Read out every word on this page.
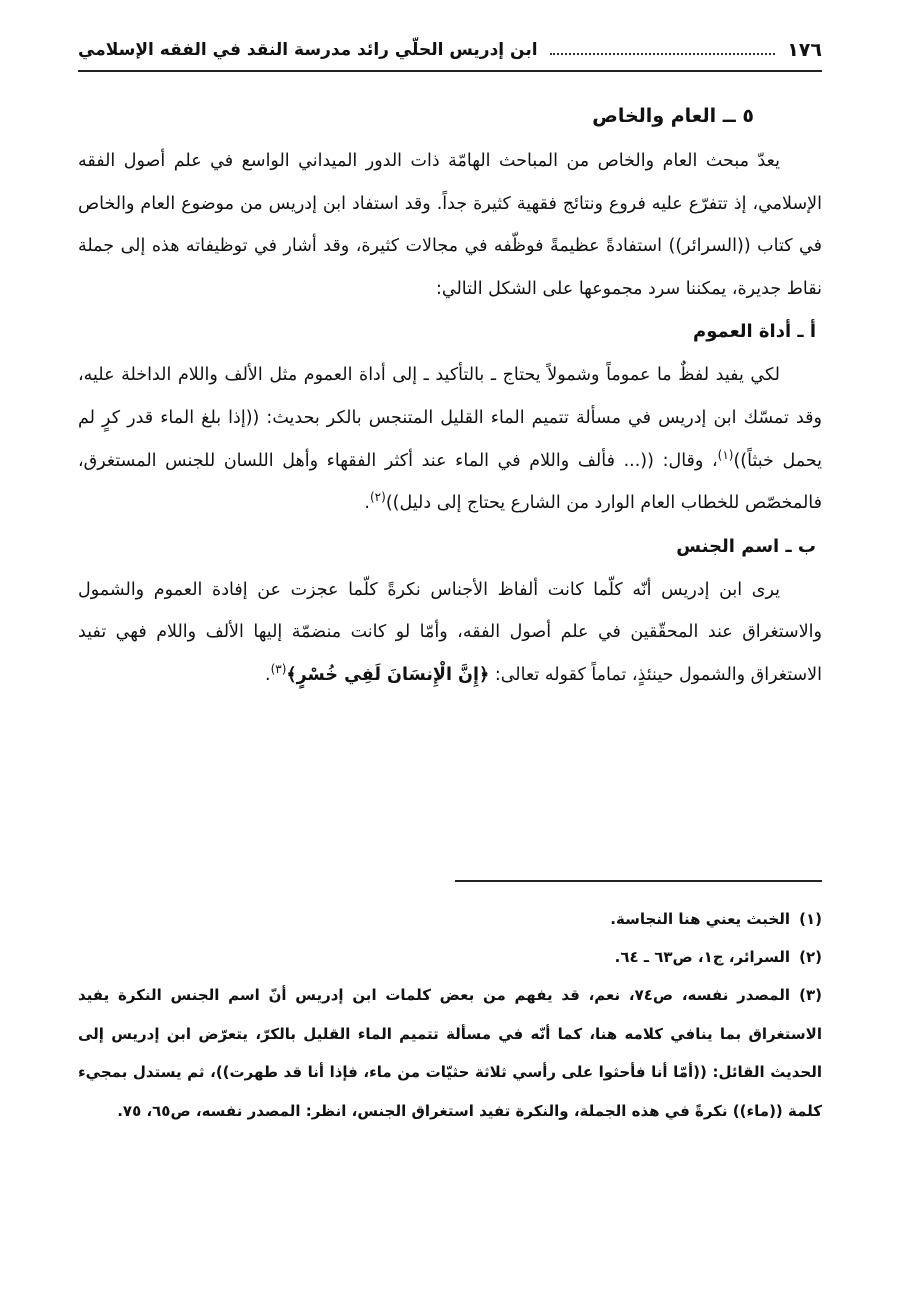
١٧٦
ابن إدريس الحلّي رائد مدرسة النقد في الفقه الإسلامي
٥ ــ العام والخاص

يعدّ مبحث العام والخاص من المباحث الهامّة ذات الدور الميداني الواسع في علم أصول الفقه الإسلامي، إذ تتفرّع عليه فروع ونتائج فقهية كثيرة جداً. وقد استفاد ابن إدريس من موضوع العام والخاص في كتاب ((السرائر)) استفادةً عظيمةً فوظّفه في مجالات كثيرة، وقد أشار في توظيفاته هذه إلى جملة نقاط جديرة، يمكننا سرد مجموعها على الشكل التالي:

أ ـ أداة العموم

لكي يفيد لفظٌ ما عموماً وشمولاً يحتاج ـ بالتأكيد ـ إلى أداة العموم مثل الألف واللام الداخلة عليه، وقد تمسّك ابن إدريس في مسألة تتميم الماء القليل المتنجس بالكر بحديث: ((إذا بلغ الماء قدر كرٍ لم يحمل خبثاً))$^{(١)}$، وقال: ((... فألف واللام في الماء عند أكثر الفقهاء وأهل اللسان للجنس المستغرق، فالمخصّص للخطاب العام الوارد من الشارع يحتاج إلى دليل))$^{(٢)}$.

ب ـ اسم الجنس

يرى ابن إدريس أنّه كلّما كانت ألفاظ الأجناس نكرةً كلّما عجزت عن إفادة العموم والشمول والاستغراق عند المحقّقين في علم أصول الفقه، وأمّا لو كانت منضمّة إليها الألف واللام فهي تفيد الاستغراق والشمول حينئذٍ، تماماً كقوله تعالى: ﴿إِنَّ الْإِنسَانَ لَفِي خُسْرٍ﴾$^{(٣)}$.

(١)الخبث يعني هنا النجاسة.

(٢)السرائر، ج١، ص٦٣ ـ ٦٤.

(٣)المصدر نفسه، ص٧٤، نعم، قد يفهم من بعض كلمات ابن إدريس أنّ اسم الجنس النكرة يفيد الاستغراق بما ينافي كلامه هنا، كما أنّه في مسألة تتميم الماء القليل بالكرّ، يتعرّض ابن إدريس إلى الحديث القائل: ((أمّا أنا فأحثوا على رأسي ثلاثة حثيّات من ماء، فإذا أنا قد طهرت))، ثم يستدل بمجيء كلمة ((ماء)) نكرةً في هذه الجملة، والنكرة تفيد استغراق الجنس، انظر: المصدر نفسه، ص٦٥، ٧٥.
